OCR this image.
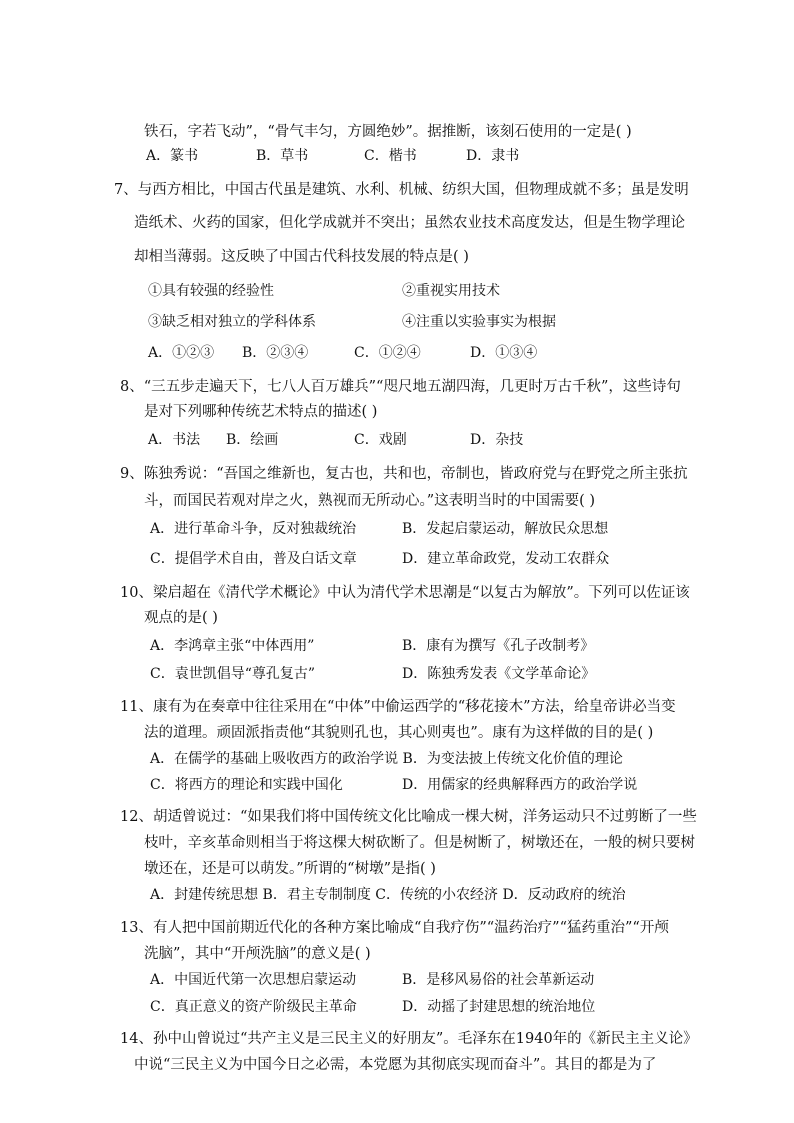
铁石，字若飞动”，“骨气丰匀，方圆绝妙”。据推断，该刻石使用的一定是( )
A．篆书	B．草书	C．楷书	D．隶书
7、与西方相比，中国古代虽是建筑、水利、机械、纺织大国，但物理成就不多；虽是发明
造纸术、火药的国家，但化学成就并不突出；虽然农业技术高度发达，但是生物学理论
却相当薄弱。这反映了中国古代科技发展的特点是( )
①具有较强的经验性	②重视实用技术
③缺乏相对独立的学科体系	④注重以实验事实为根据
A．①②③ B．②③④	C．①②④	D．①③④
8、“三五步走遍天下，七八人百万雄兵”“咫尺地五湖四海，几更时万古千秋”，这些诗句
是对下列哪种传统艺术特点的描述( )
A．书法 B．绘画	C．戏剧	D．杂技
9、陈独秀说：“吾国之维新也，复古也，共和也，帝制也，皆政府党与在野党之所主张抗
斗，而国民若观对岸之火，熟视而无所动心。”这表明当时的中国需要( )
A．进行革命斗争，反对独裁统治	B．发起启蒙运动，解放民众思想
C．提倡学术自由，普及白话文章	D．建立革命政党，发动工农群众
10、梁启超在《清代学术概论》中认为清代学术思潮是“以复古为解放”。下列可以佐证该
观点的是( )
A．李鸿章主张“中体西用”	B．康有为撰写《孔子改制考》
C．袁世凯倡导“尊孔复古”	D．陈独秀发表《文学革命论》
11、康有为在奏章中往往采用在“中体”中偷运西学的“移花接木”方法，给皇帝讲必当变
法的道理。顽固派指责他“其貌则孔也，其心则夷也”。康有为这样做的目的是( )
A．在儒学的基础上吸收西方的政治学说 B．为变法披上传统文化价值的理论
C．将西方的理论和实践中国化	D．用儒家的经典解释西方的政治学说
12、胡适曾说过：“如果我们将中国传统文化比喻成一棵大树，洋务运动只不过剪断了一些
枝叶，辛亥革命则相当于将这棵大树砍断了。但是树断了，树墩还在，一般的树只要树
墩还在，还是可以萌发。”所谓的“树墩”是指( )
A．封建传统思想 B．君主专制制度 C．传统的小农经济 D．反动政府的统治
13、有人把中国前期近代化的各种方案比喻成“自我疗伤”“温药治疗”“猛药重治”“开颅
洗脑”，其中“开颅洗脑”的意义是( )
A．中国近代第一次思想启蒙运动	B．是移风易俗的社会革新运动
C．真正意义的资产阶级民主革命	D．动摇了封建思想的统治地位
14、孙中山曾说过“共产主义是三民主义的好朋友”。毛泽东在1940年的《新民主主义论》
中说“三民主义为中国今日之必需，本党愿为其彻底实现而奋斗”。其目的都是为了
